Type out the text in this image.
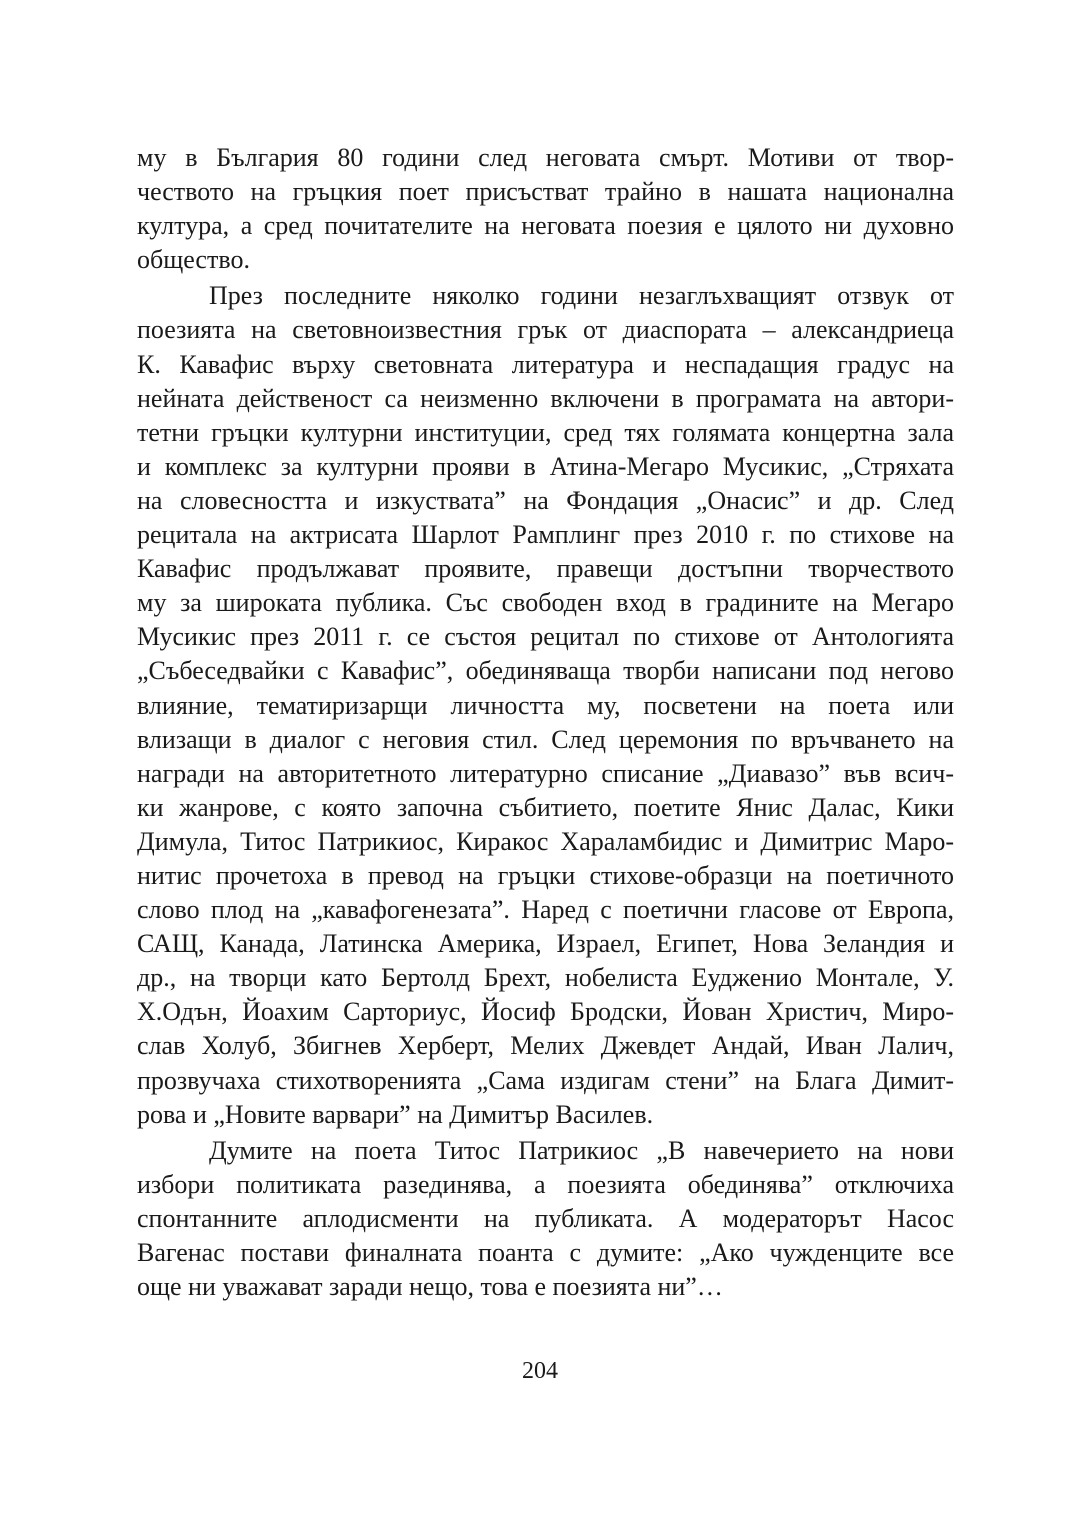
му в България 80 години след неговата смърт. Мотиви от твор-
чеството на гръцкия поет присъстват трайно в нашата национална
култура, а сред почитателите на неговата поезия е цялото ни духовно
общество.

През последните няколко години незаглъхващият отзвук от
поезията на световноизвестния грък от диаспората – александриеца
К. Кавафис върху световната литература и неспадащия градус на
нейната действеност са неизменно включени в програмата на автори-
тетни гръцки културни институции, сред тях голямата концертна зала
и комплекс за културни прояви в Атина-Мегаро Мусикис, „Стряхата
на словесността и изкуствата” на Фондация „Онасис” и др. След
рецитала на актрисата Шарлот Рамплинг през 2010 г. по стихове на
Кавафис продължават проявите, правещи достъпни творчеството
му за широката публика. Със свободен вход в градините на Мегаро
Мусикис през 2011 г. се състоя рецитал по стихове от Антологията
„Събеседвайки с Кавафис”, обединяваща творби написани под негово
влияние, тематиризарщи личността му, посветени на поета или
влизащи в диалог с неговия стил. След церемония по връчването на
награди на авторитетното литературно списание „Диавазо” във всич-
ки жанрове, с която започна събитието, поетите Янис Далас, Кики
Димула, Титос Патрикиос, Киракос Хараламбидис и Димитрис Маро-
нитис прочетоха в превод на гръцки стихове-образци на поетичното
слово плод на „кавафогенезата”. Наред с поетични гласове от Европа,
САЩ, Канада, Латинска Америка, Израел, Египет, Нова Зеландия и
др., на творци като Бертолд Брехт, нобелиста Еудженио Монтале, У.
Х.Одън, Йоахим Сарториус, Йосиф Бродски, Йован Христич, Миро-
слав Холуб, Збигнев Херберт, Мелих Джевдет Андай, Иван Лалич,
прозвучаха стихотворенията „Сама издигам стени” на Блага Димит-
рова и „Новите варвари” на Димитър Василев.

Думите на поета Титос Патрикиос „В навечерието на нови
избори политиката разединява, а поезията обединява” отключиха
спонтанните аплодисменти на публиката. А модераторът Насос
Вагенас постави финалната поанта с думите: „Ако чужденците все
още ни уважават заради нещо, това е поезията ни”…

204
